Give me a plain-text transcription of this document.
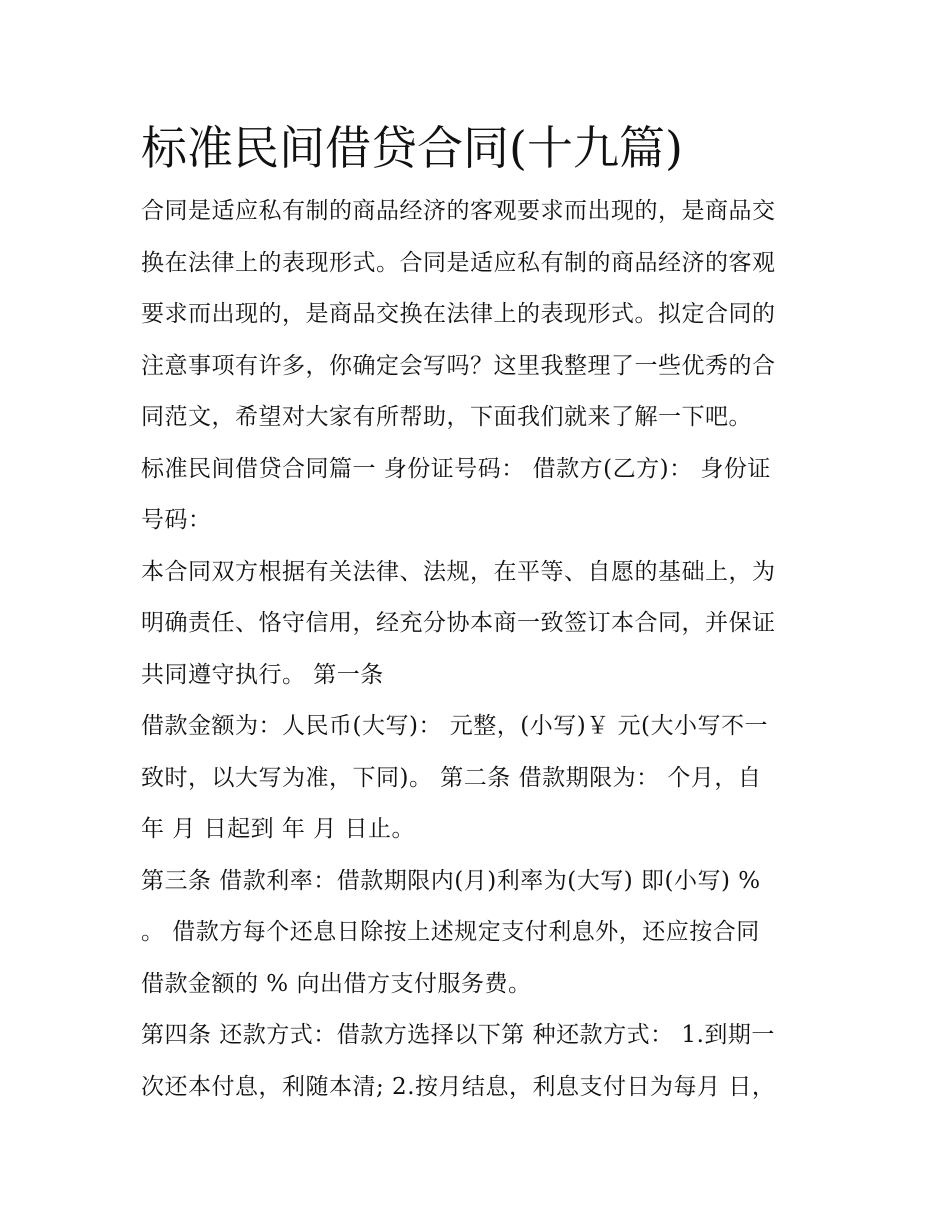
标准民间借贷合同(十九篇)

合同是适应私有制的商品经济的客观要求而出现的，是商品交
换在法律上的表现形式。合同是适应私有制的商品经济的客观
要求而出现的，是商品交换在法律上的表现形式。拟定合同的
注意事项有许多，你确定会写吗？这里我整理了一些优秀的合
同范文，希望对大家有所帮助，下面我们就来了解一下吧。

标准民间借贷合同篇一 身份证号码： 借款方(乙方)： 身份证
号码：

本合同双方根据有关法律、法规，在平等、自愿的基础上，为
明确责任、恪守信用，经充分协本商一致签订本合同，并保证
共同遵守执行。 第一条

借款金额为：人民币(大写)： 元整，(小写)￥ 元(大小写不一
致时，以大写为准，下同)。 第二条 借款期限为： 个月，自
年 月 日起到 年 月 日止。

第三条 借款利率：借款期限内(月)利率为(大写) 即(小写) %
。 借款方每个还息日除按上述规定支付利息外，还应按合同
借款金额的 % 向出借方支付服务费。

第四条 还款方式：借款方选择以下第 种还款方式： 1.到期一
次还本付息，利随本清; 2.按月结息，利息支付日为每月 日，
